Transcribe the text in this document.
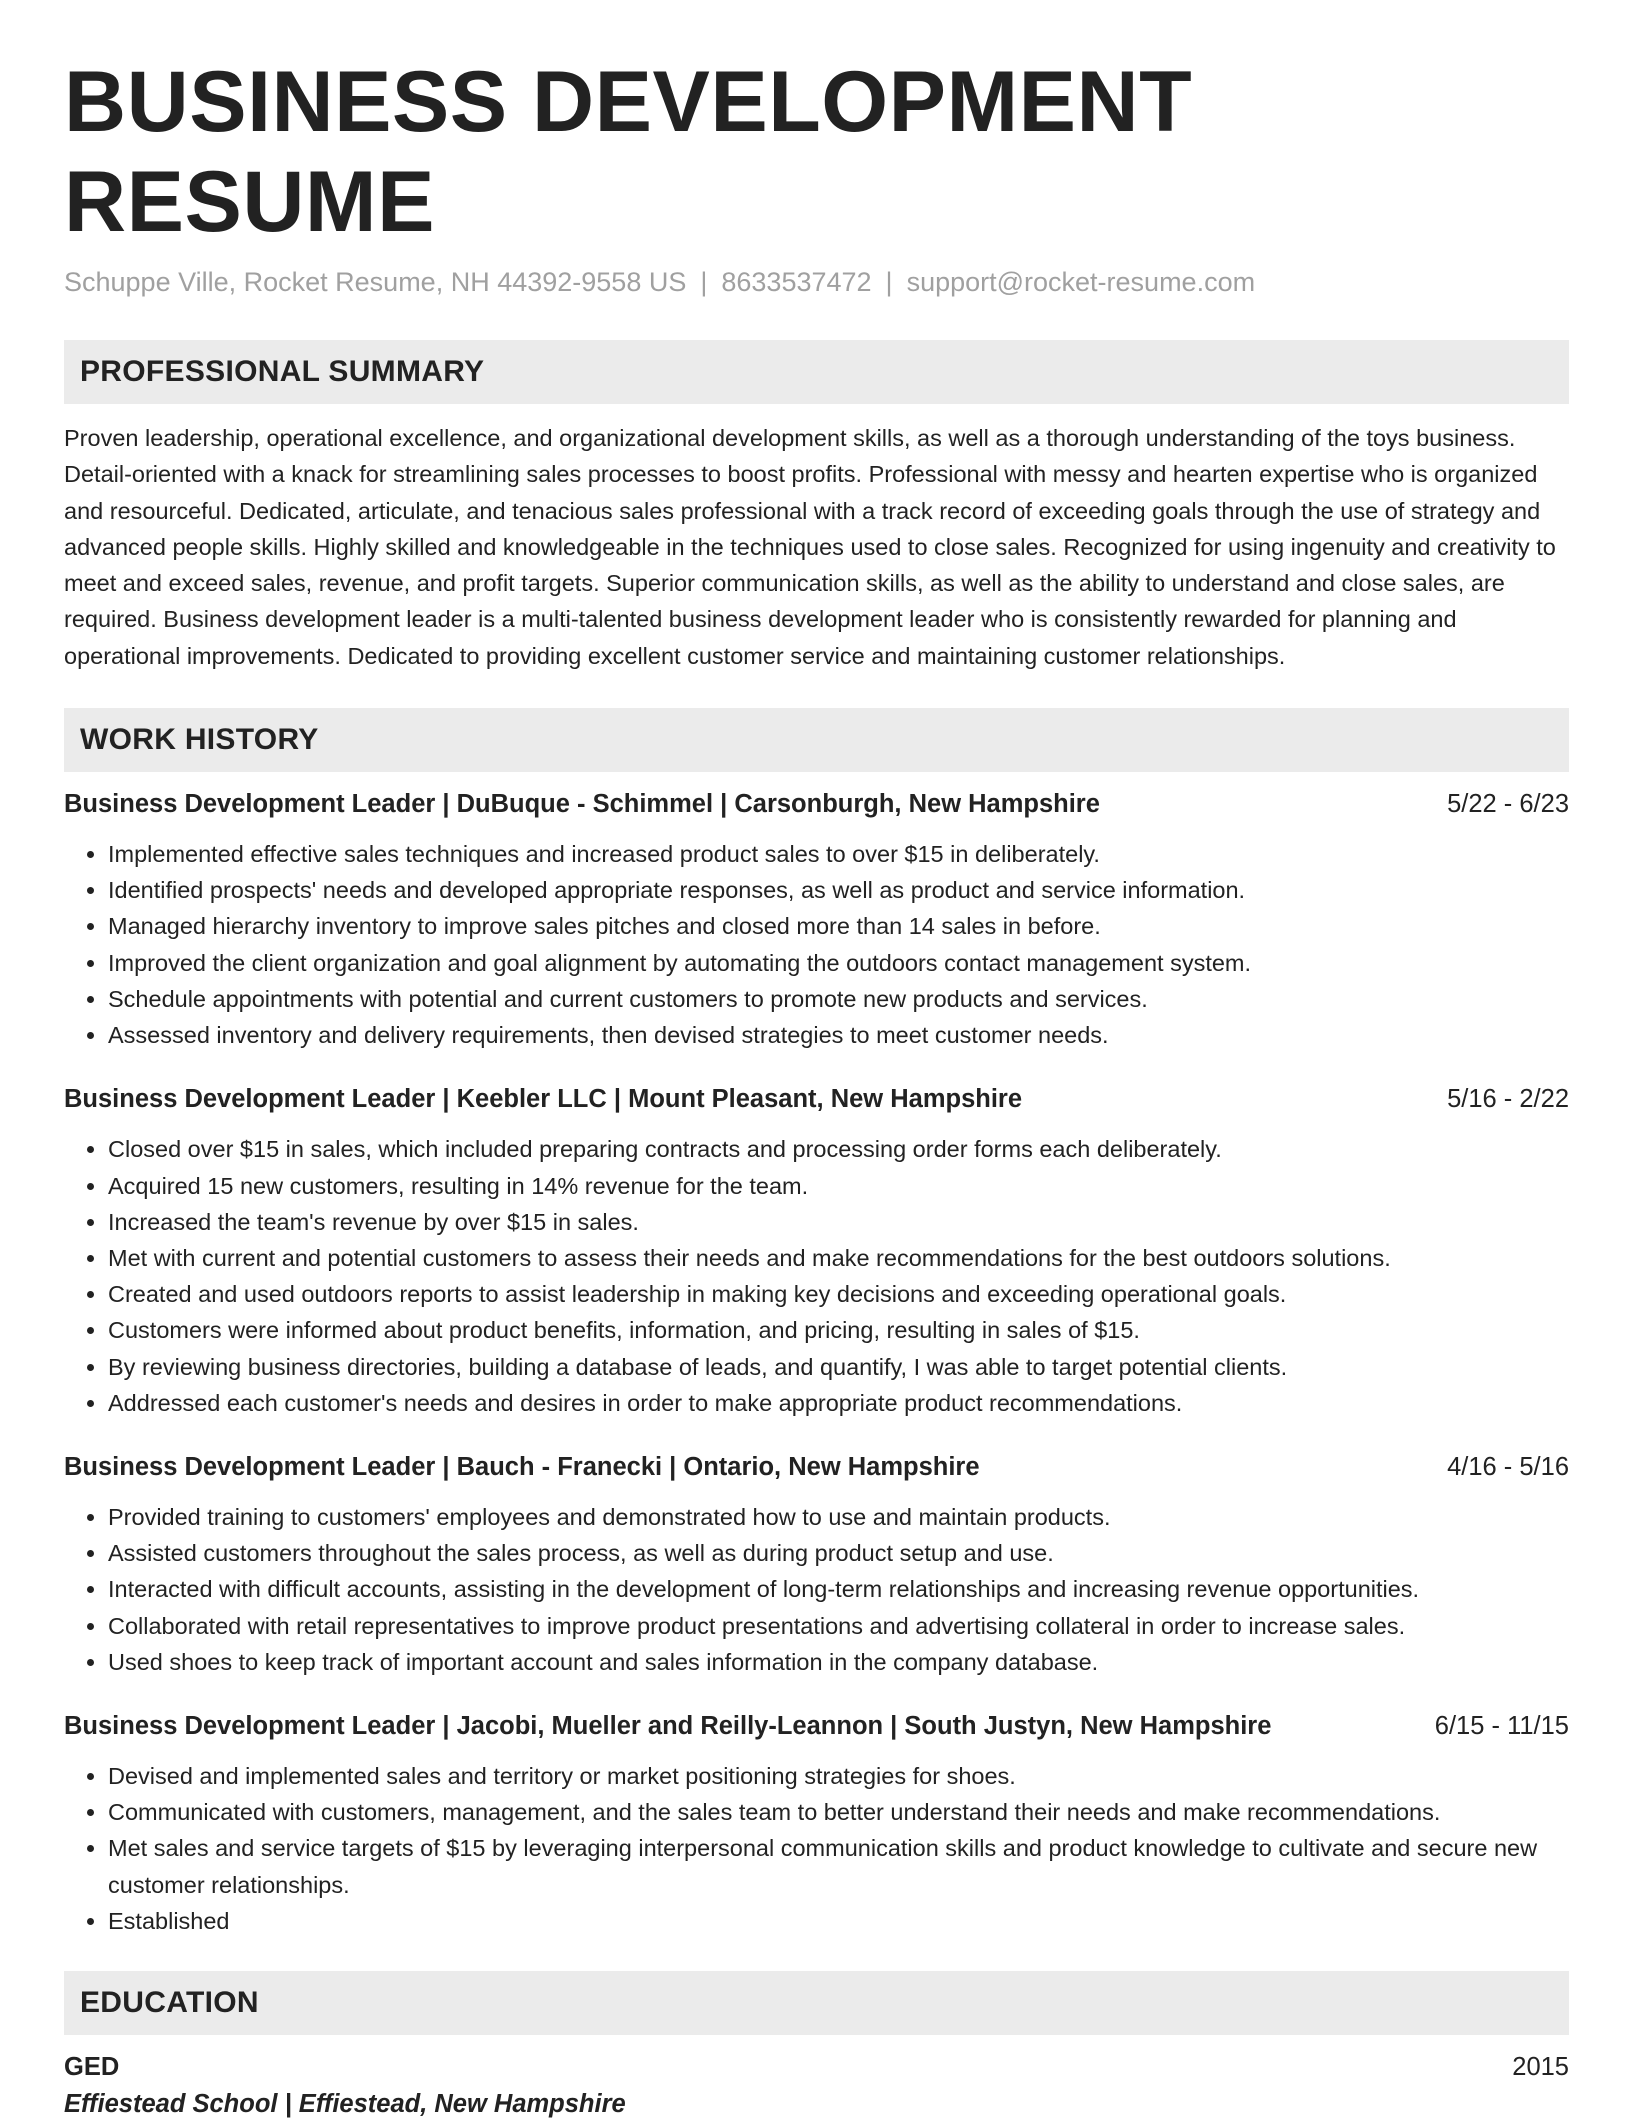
BUSINESS DEVELOPMENT RESUME
Schuppe Ville, Rocket Resume, NH 44392-9558 US | 8633537472 | support@rocket-resume.com
PROFESSIONAL SUMMARY
Proven leadership, operational excellence, and organizational development skills, as well as a thorough understanding of the toys business. Detail-oriented with a knack for streamlining sales processes to boost profits. Professional with messy and hearten expertise who is organized and resourceful. Dedicated, articulate, and tenacious sales professional with a track record of exceeding goals through the use of strategy and advanced people skills. Highly skilled and knowledgeable in the techniques used to close sales. Recognized for using ingenuity and creativity to meet and exceed sales, revenue, and profit targets. Superior communication skills, as well as the ability to understand and close sales, are required. Business development leader is a multi-talented business development leader who is consistently rewarded for planning and operational improvements. Dedicated to providing excellent customer service and maintaining customer relationships.
WORK HISTORY
Business Development Leader | DuBuque - Schimmel | Carsonburgh, New Hampshire	5/22 - 6/23
• Implemented effective sales techniques and increased product sales to over $15 in deliberately.
• Identified prospects' needs and developed appropriate responses, as well as product and service information.
• Managed hierarchy inventory to improve sales pitches and closed more than 14 sales in before.
• Improved the client organization and goal alignment by automating the outdoors contact management system.
• Schedule appointments with potential and current customers to promote new products and services.
• Assessed inventory and delivery requirements, then devised strategies to meet customer needs.
Business Development Leader | Keebler LLC | Mount Pleasant, New Hampshire	5/16 - 2/22
• Closed over $15 in sales, which included preparing contracts and processing order forms each deliberately.
• Acquired 15 new customers, resulting in 14% revenue for the team.
• Increased the team's revenue by over $15 in sales.
• Met with current and potential customers to assess their needs and make recommendations for the best outdoors solutions.
• Created and used outdoors reports to assist leadership in making key decisions and exceeding operational goals.
• Customers were informed about product benefits, information, and pricing, resulting in sales of $15.
• By reviewing business directories, building a database of leads, and quantify, I was able to target potential clients.
• Addressed each customer's needs and desires in order to make appropriate product recommendations.
Business Development Leader | Bauch - Franecki | Ontario, New Hampshire	4/16 - 5/16
• Provided training to customers' employees and demonstrated how to use and maintain products.
• Assisted customers throughout the sales process, as well as during product setup and use.
• Interacted with difficult accounts, assisting in the development of long-term relationships and increasing revenue opportunities.
• Collaborated with retail representatives to improve product presentations and advertising collateral in order to increase sales.
• Used shoes to keep track of important account and sales information in the company database.
Business Development Leader | Jacobi, Mueller and Reilly-Leannon | South Justyn, New Hampshire	6/15 - 11/15
• Devised and implemented sales and territory or market positioning strategies for shoes.
• Communicated with customers, management, and the sales team to better understand their needs and make recommendations.
• Met sales and service targets of $15 by leveraging interpersonal communication skills and product knowledge to cultivate and secure new customer relationships.
• Established
EDUCATION
GED	2015
Effiestead School | Effiestead, New Hampshire
